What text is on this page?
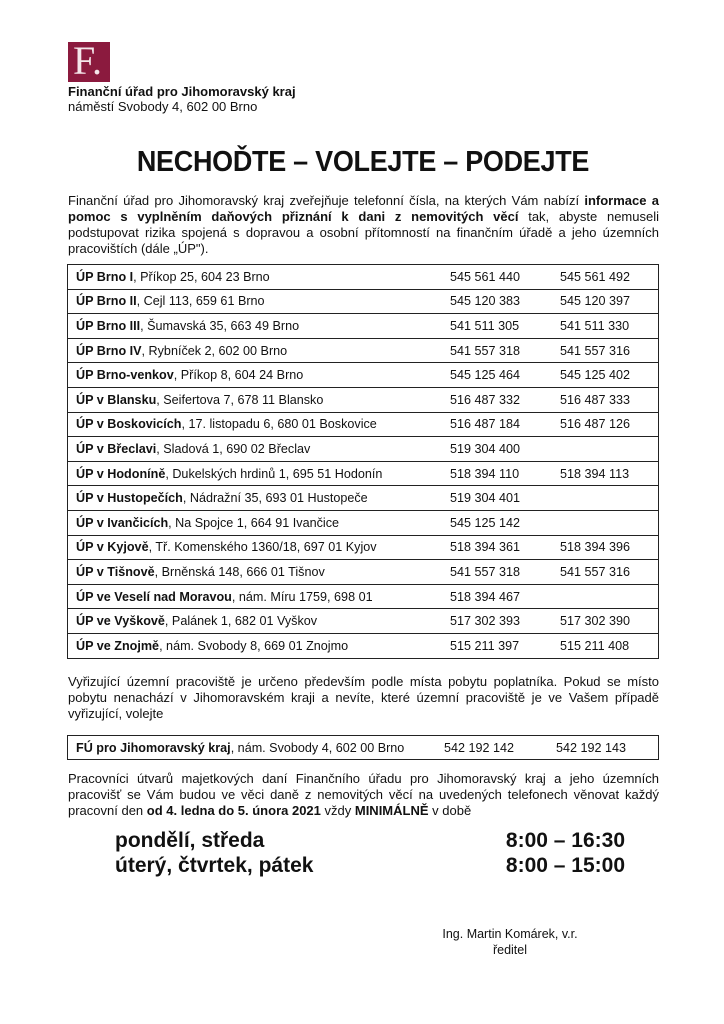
F.
Finanční úřad pro Jihomoravský kraj
náměstí Svobody 4, 602 00 Brno
NECHOĎTE – VOLEJTE – PODEJTE

Finanční úřad pro Jihomoravský kraj zveřejňuje telefonní čísla, na kterých Vám nabízí informace a pomoc s vyplněním daňových přiznání k dani z nemovitých věcí tak, abyste nemuseli podstupovat rizika spojená s dopravou a osobní přítomností na finančním úřadě a jeho územních pracovištích (dále „ÚP").

ÚP Brno I, Příkop 25, 604 23 Brno	545 561 440	545 561 492
ÚP Brno II, Cejl 113, 659 61 Brno	545 120 383	545 120 397
ÚP Brno III, Šumavská 35, 663 49 Brno	541 511 305	541 511 330
ÚP Brno IV, Rybníček 2, 602 00 Brno	541 557 318	541 557 316
ÚP Brno-venkov, Příkop 8, 604 24 Brno	545 125 464	545 125 402
ÚP v Blansku, Seifertova 7, 678 11 Blansko	516 487 332	516 487 333
ÚP v Boskovicích, 17. listopadu 6, 680 01 Boskovice	516 487 184	516 487 126
ÚP v Břeclavi, Sladová 1, 690 02 Břeclav	519 304 400	
ÚP v Hodoníně, Dukelských hrdinů 1, 695 51 Hodonín	518 394 110	518 394 113
ÚP v Hustopečích, Nádražní 35, 693 01 Hustopeče	519 304 401	
ÚP v Ivančicích, Na Spojce 1, 664 91 Ivančice	545 125 142	
ÚP v Kyjově, Tř. Komenského 1360/18, 697 01 Kyjov	518 394 361	518 394 396
ÚP v Tišnově, Brněnská 148, 666 01 Tišnov	541 557 318	541 557 316
ÚP ve Veselí nad Moravou, nám. Míru 1759, 698 01	518 394 467	
ÚP ve Vyškově, Palánek 1, 682 01 Vyškov	517 302 393	517 302 390
ÚP ve Znojmě, nám. Svobody 8, 669 01 Znojmo	515 211 397	515 211 408

Vyřizující územní pracoviště je určeno především podle místa pobytu poplatníka. Pokud se místo pobytu nenachází v Jihomoravském kraji a nevíte, které územní pracoviště je ve Vašem případě vyřizující, volejte

FÚ pro Jihomoravský kraj, nám. Svobody 4, 602 00 Brno	542 192 142	542 192 143

Pracovníci útvarů majetkových daní Finančního úřadu pro Jihomoravský kraj a jeho územních pracovišť se Vám budou ve věci daně z nemovitých věcí na uvedených telefonech věnovat každý pracovní den od 4. ledna do 5. února 2021 vždy MINIMÁLNĚ v době

pondělí, středa	8:00 – 16:30
úterý, čtvrtek, pátek	8:00 – 15:00
Ing. Martin Komárek, v.r.
ředitel
